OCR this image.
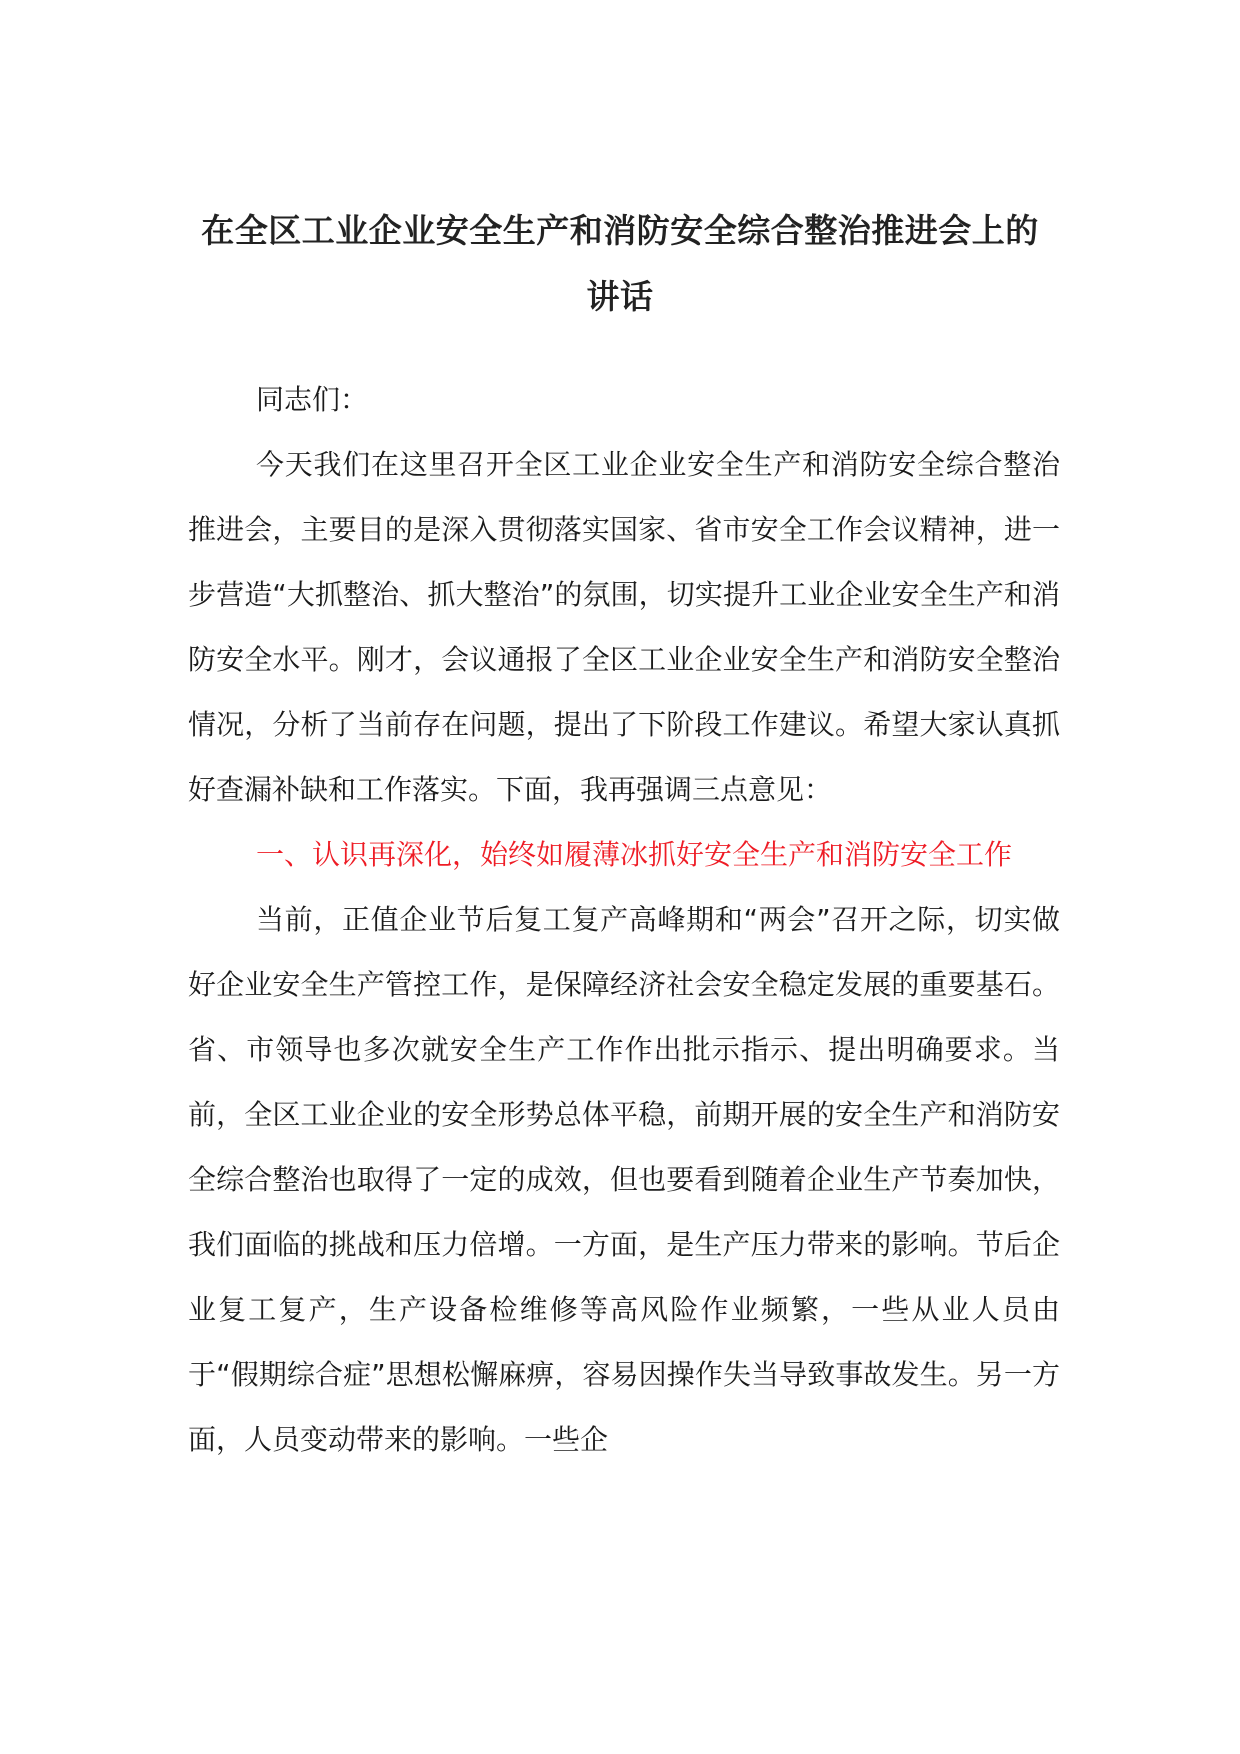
在全区工业企业安全生产和消防安全综合整治推进会上的
讲话

同志们：

今天我们在这里召开全区工业企业安全生产和消防安全综合整治推进会，主要目的是深入贯彻落实国家、省市安全工作会议精神，进一步营造“大抓整治、抓大整治”的氛围，切实提升工业企业安全生产和消防安全水平。刚才，会议通报了全区工业企业安全生产和消防安全整治情况，分析了当前存在问题，提出了下阶段工作建议。希望大家认真抓好查漏补缺和工作落实。下面，我再强调三点意见：

一、认识再深化，始终如履薄冰抓好安全生产和消防安全工作

当前，正值企业节后复工复产高峰期和“两会”召开之际，切实做好企业安全生产管控工作，是保障经济社会安全稳定发展的重要基石。省、市领导也多次就安全生产工作作出批示指示、提出明确要求。当前，全区工业企业的安全形势总体平稳，前期开展的安全生产和消防安全综合整治也取得了一定的成效，但也要看到随着企业生产节奏加快，我们面临的挑战和压力倍增。一方面，是生产压力带来的影响。节后企业复工复产，生产设备检维修等高风险作业频繁，一些从业人员由于“假期综合症”思想松懈麻痹，容易因操作失当导致事故发生。另一方面，人员变动带来的影响。一些企
